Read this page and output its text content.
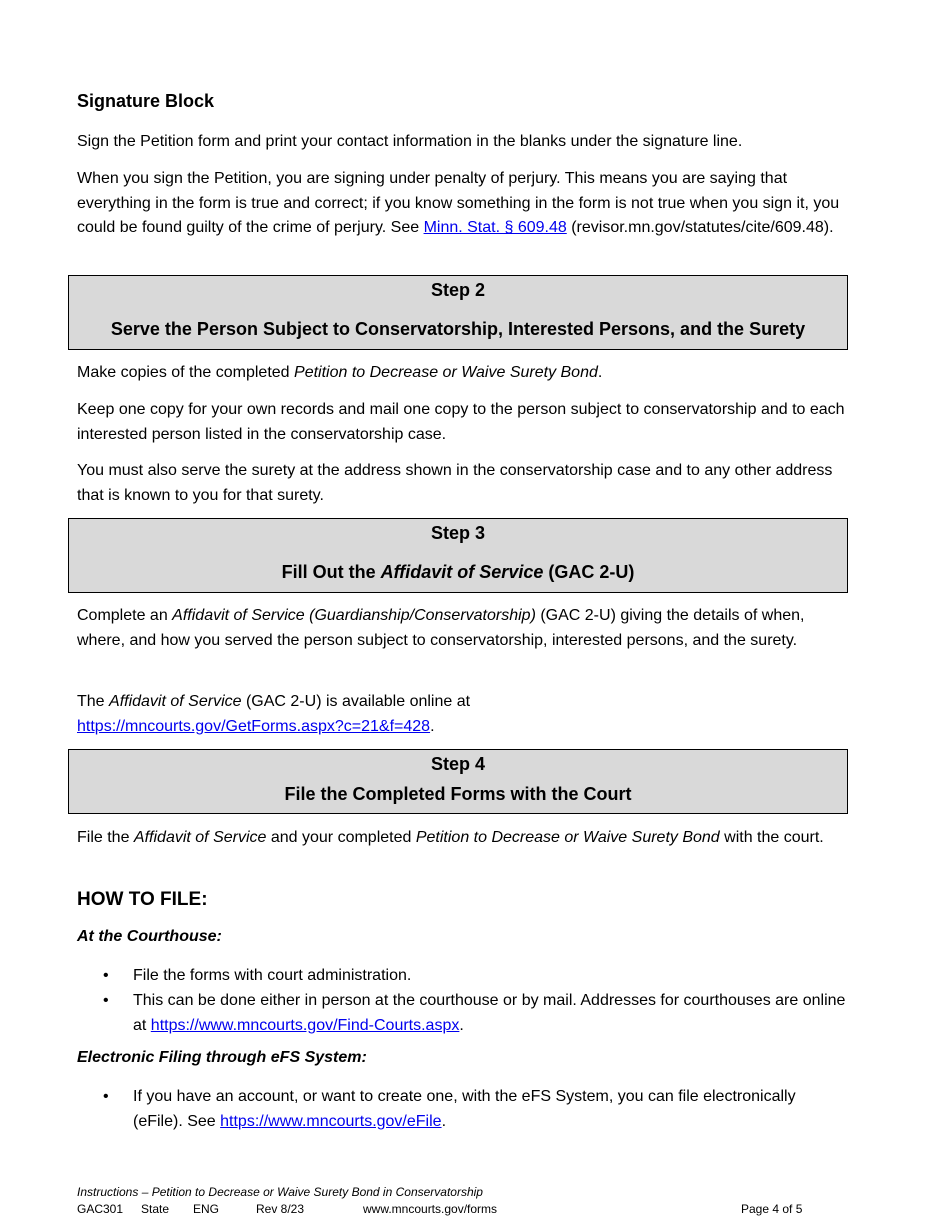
Signature Block
Sign the Petition form and print your contact information in the blanks under the signature line.
When you sign the Petition, you are signing under penalty of perjury. This means you are saying that everything in the form is true and correct; if you know something in the form is not true when you sign it, you could be found guilty of the crime of perjury. See Minn. Stat. § 609.48 (revisor.mn.gov/statutes/cite/609.48).
Step 2
Serve the Person Subject to Conservatorship, Interested Persons, and the Surety
Make copies of the completed Petition to Decrease or Waive Surety Bond.
Keep one copy for your own records and mail one copy to the person subject to conservatorship and to each interested person listed in the conservatorship case.
You must also serve the surety at the address shown in the conservatorship case and to any other address that is known to you for that surety.
Step 3
Fill Out the Affidavit of Service (GAC 2-U)
Complete an Affidavit of Service (Guardianship/Conservatorship) (GAC 2-U) giving the details of when, where, and how you served the person subject to conservatorship, interested persons, and the surety.
The Affidavit of Service (GAC 2-U) is available online at
https://mncourts.gov/GetForms.aspx?c=21&f=428.
Step 4
File the Completed Forms with the Court
File the Affidavit of Service and your completed Petition to Decrease or Waive Surety Bond with the court.
HOW TO FILE:
At the Courthouse:
• File the forms with court administration.
• This can be done either in person at the courthouse or by mail. Addresses for courthouses are online at https://www.mncourts.gov/Find-Courts.aspx.
Electronic Filing through eFS System:
• If you have an account, or want to create one, with the eFS System, you can file electronically (eFile). See https://www.mncourts.gov/eFile.
Instructions – Petition to Decrease or Waive Surety Bond in Conservatorship
GAC301 State ENG	Rev 8/23	www.mncourts.gov/forms	Page 4 of 5
